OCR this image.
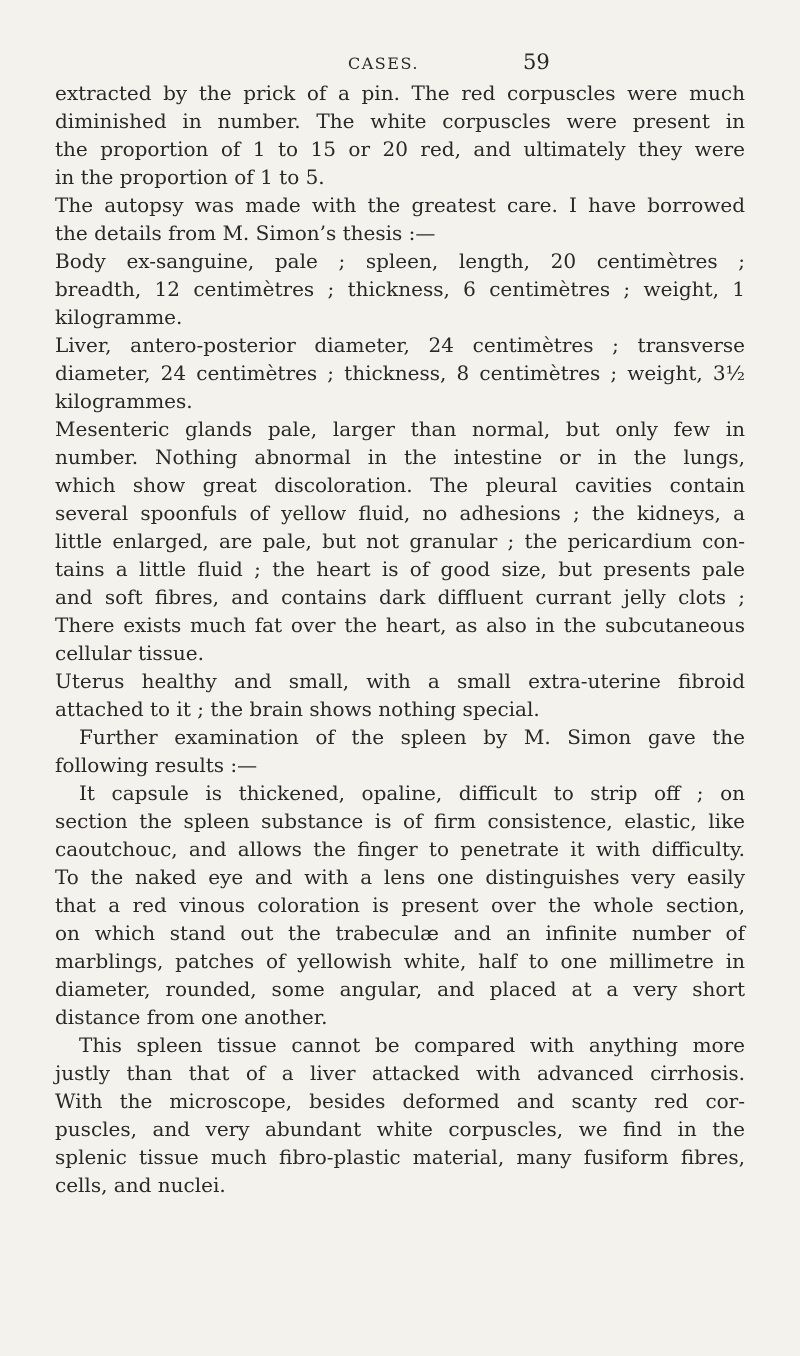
CASES.	59
extracted by the prick of a pin. The red corpuscles were much
diminished in number. The white corpuscles were present in
the proportion of 1 to 15 or 20 red, and ultimately they were
in the proportion of 1 to 5.
The autopsy was made with the greatest care. I have borrowed
the details from M. Simon’s thesis :—
Body ex-sanguine, pale ; spleen, length, 20 centimètres ;
breadth, 12 centimètres ; thickness, 6 centimètres ; weight, 1
kilogramme.
Liver, antero-posterior diameter, 24 centimètres ; transverse
diameter, 24 centimètres ; thickness, 8 centimètres ; weight, 3½
kilogrammes.
Mesenteric glands pale, larger than normal, but only few in
number. Nothing abnormal in the intestine or in the lungs,
which show great discoloration. The pleural cavities contain
several spoonfuls of yellow fluid, no adhesions ; the kidneys, a
little enlarged, are pale, but not granular ; the pericardium con-
tains a little fluid ; the heart is of good size, but presents pale
and soft fibres, and contains dark diffluent currant jelly clots ;
There exists much fat over the heart, as also in the subcutaneous
cellular tissue.
Uterus healthy and small, with a small extra-uterine fibroid
attached to it ; the brain shows nothing special.
Further examination of the spleen by M. Simon gave the
following results :—
It capsule is thickened, opaline, difficult to strip off ; on
section the spleen substance is of firm consistence, elastic, like
caoutchouc, and allows the finger to penetrate it with difficulty.
To the naked eye and with a lens one distinguishes very easily
that a red vinous coloration is present over the whole section,
on which stand out the trabeculæ and an infinite number of
marblings, patches of yellowish white, half to one millimetre in
diameter, rounded, some angular, and placed at a very short
distance from one another.
This spleen tissue cannot be compared with anything more
justly than that of a liver attacked with advanced cirrhosis.
With the microscope, besides deformed and scanty red cor-
puscles, and very abundant white corpuscles, we find in the
splenic tissue much fibro-plastic material, many fusiform fibres,
cells, and nuclei.
